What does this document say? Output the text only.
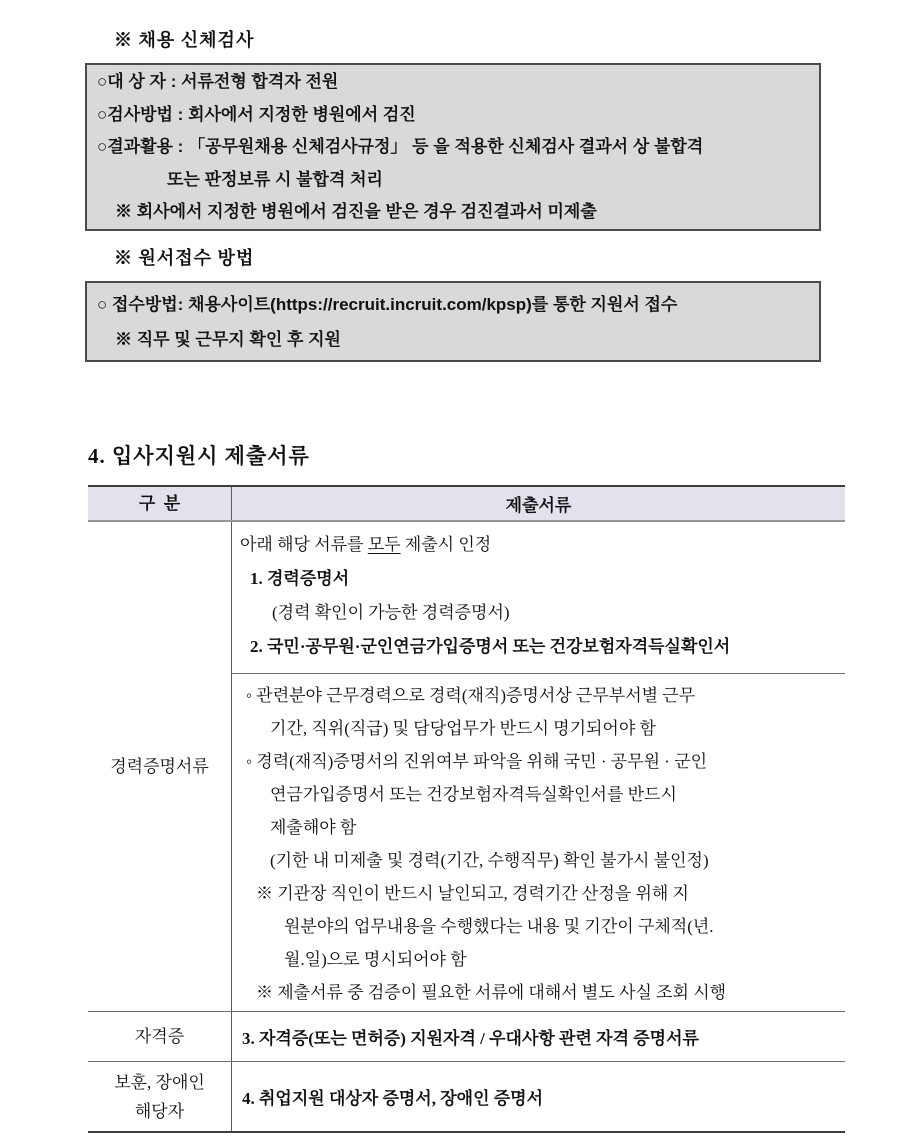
※ 채용 신체검사
○대 상 자 : 서류전형 합격자 전원
○검사방법 : 회사에서 지정한 병원에서 검진
○결과활용 : 「공무원채용 신체검사규정」 등 을 적용한 신체검사 결과서 상 불합격
또는 판정보류 시 불합격 처리
※ 회사에서 지정한 병원에서 검진을 받은 경우 검진결과서 미제출
※ 원서접수 방법
○ 접수방법: 채용사이트(https://recruit.incruit.com/kpsp)를 통한 지원서 접수
※ 직무 및 근무지 확인 후 지원
4. 입사지원시 제출서류
구  분	제출서류
경력증명서류
아래 해당 서류를 모두 제출시 인정
1. 경력증명서
(경력 확인이 가능한 경력증명서)
2. 국민·공무원·군인연금가입증명서 또는 건강보험자격득실확인서
◦ 관련분야 근무경력으로 경력(재직)증명서상 근무부서별 근무
기간, 직위(직급) 및 담당업무가 반드시 명기되어야 함
◦ 경력(재직)증명서의 진위여부 파악을 위해 국민 · 공무원 · 군인
연금가입증명서 또는 건강보험자격득실확인서를 반드시
제출해야 함
(기한 내 미제출 및 경력(기간, 수행직무) 확인 불가시 불인정)
※ 기관장 직인이 반드시 날인되고, 경력기간 산정을 위해 지
원분야의 업무내용을 수행했다는 내용 및 기간이 구체적(년.
월.일)으로 명시되어야 함
※ 제출서류 중 검증이 필요한 서류에 대해서 별도 사실 조회 시행
자격증	3. 자격증(또는 면허증) 지원자격 / 우대사항 관련 자격 증명서류
보훈, 장애인
해당자
4. 취업지원 대상자 증명서, 장애인 증명서
